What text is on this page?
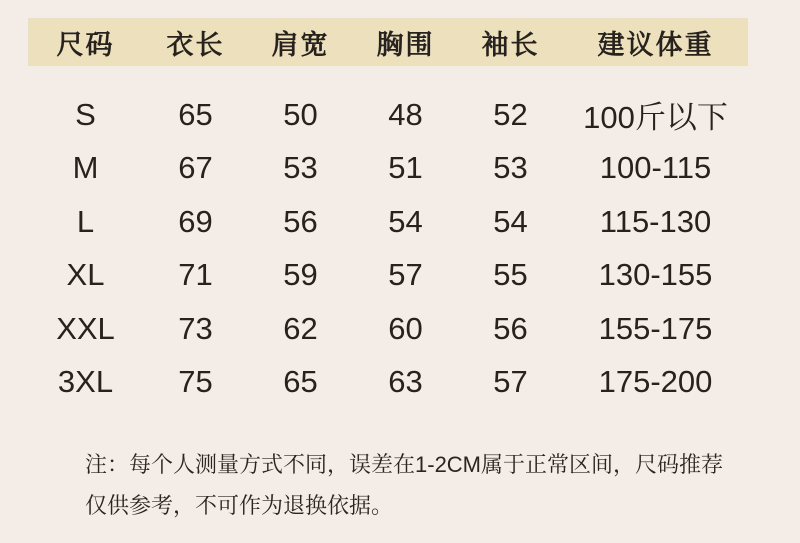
尺码	衣长	肩宽	胸围	袖长	建议体重
S	65	50	48	52	100斤以下
M	67	53	51	53	100-115
L	69	56	54	54	115-130
XL	71	59	57	55	130-155
XXL	73	62	60	56	155-175
3XL	75	65	63	57	175-200
注：每个人测量方式不同，误差在1-2CM属于正常区间，尺码推荐
仅供参考，不可作为退换依据。
